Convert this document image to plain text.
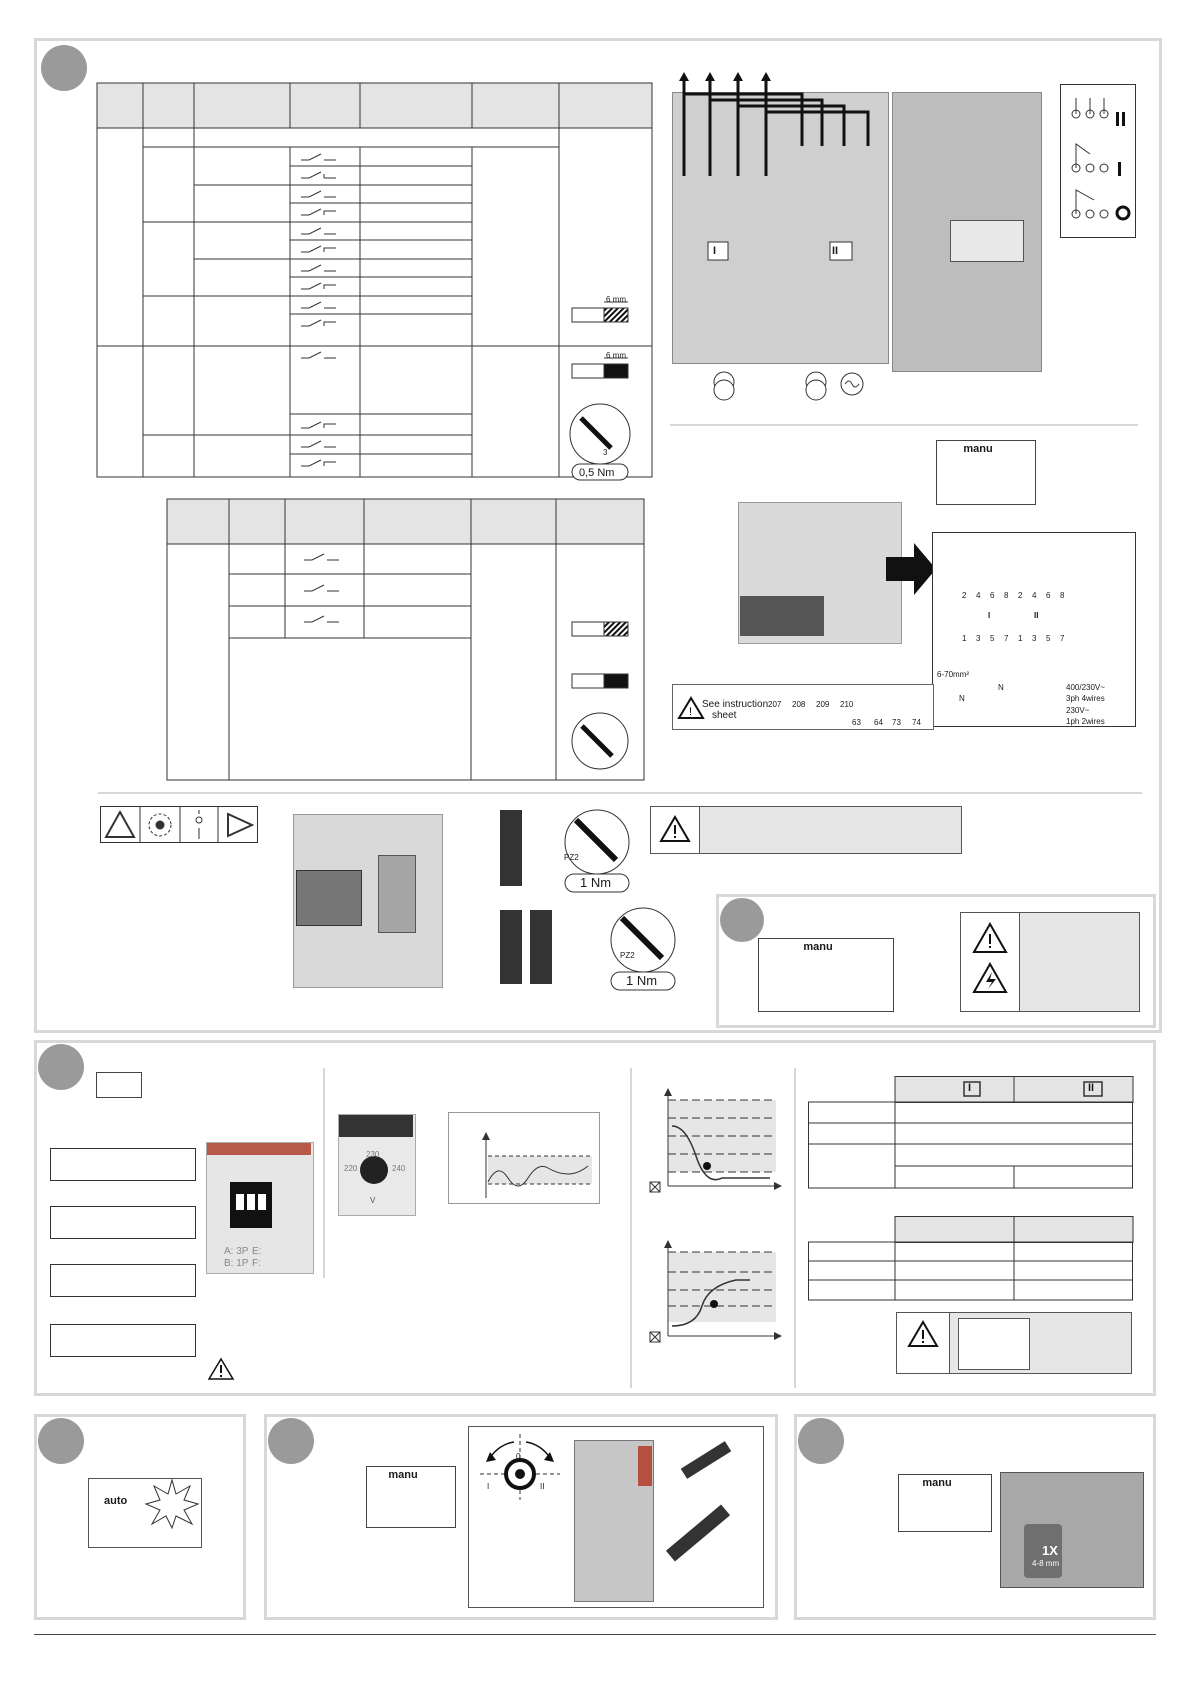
6 mm
6 mm
3
0,5 Nm
I	II
manu
!
See instruction
sheet
207 208 209 210
63 64 73 74
6-70mm²
2 4 6 8 2 4 6 8
1 3 5 7 1 3 5 7
I	II
N
N
400/230V~
3ph 4wires
230V~
1ph 2wires
PZ2
1 Nm
PZ2
1 Nm
manu
A: 3P
B: 1P
E:
F:
230
220	240
V
I	II
auto
manu
0
I	II	manu
1X
4-8 mm
